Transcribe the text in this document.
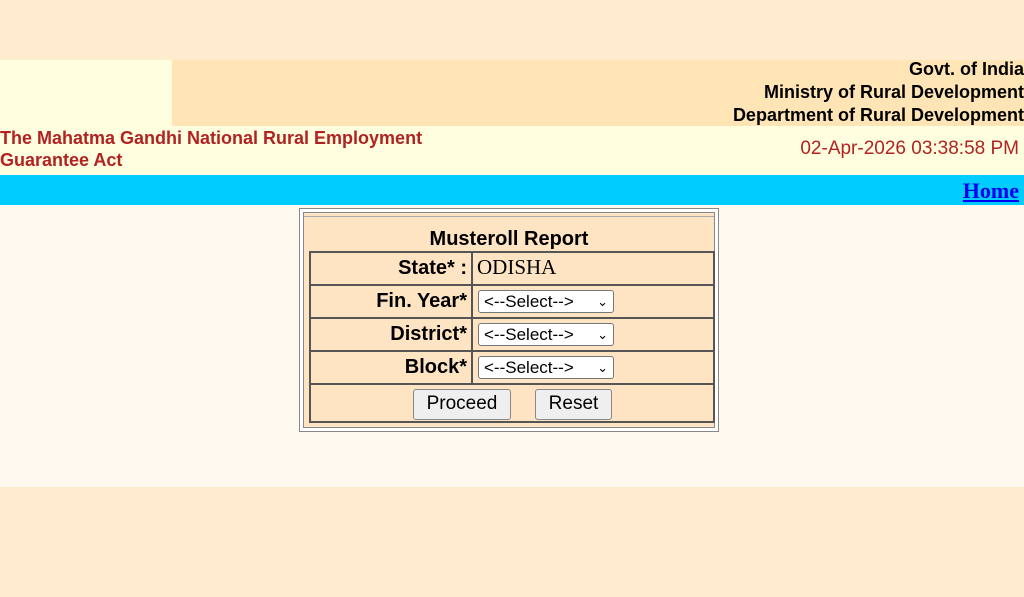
Govt. of India
Ministry of Rural Development
Department of Rural Development
The Mahatma Gandhi National Rural Employment Guarantee Act
02-Apr-2026 03:38:58 PM
Home
Musteroll Report
State* : ODISHA
Fin. Year*	<--Select--> ⌄
District*	<--Select--> ⌄
Block*	<--Select--> ⌄
Proceed	Reset
